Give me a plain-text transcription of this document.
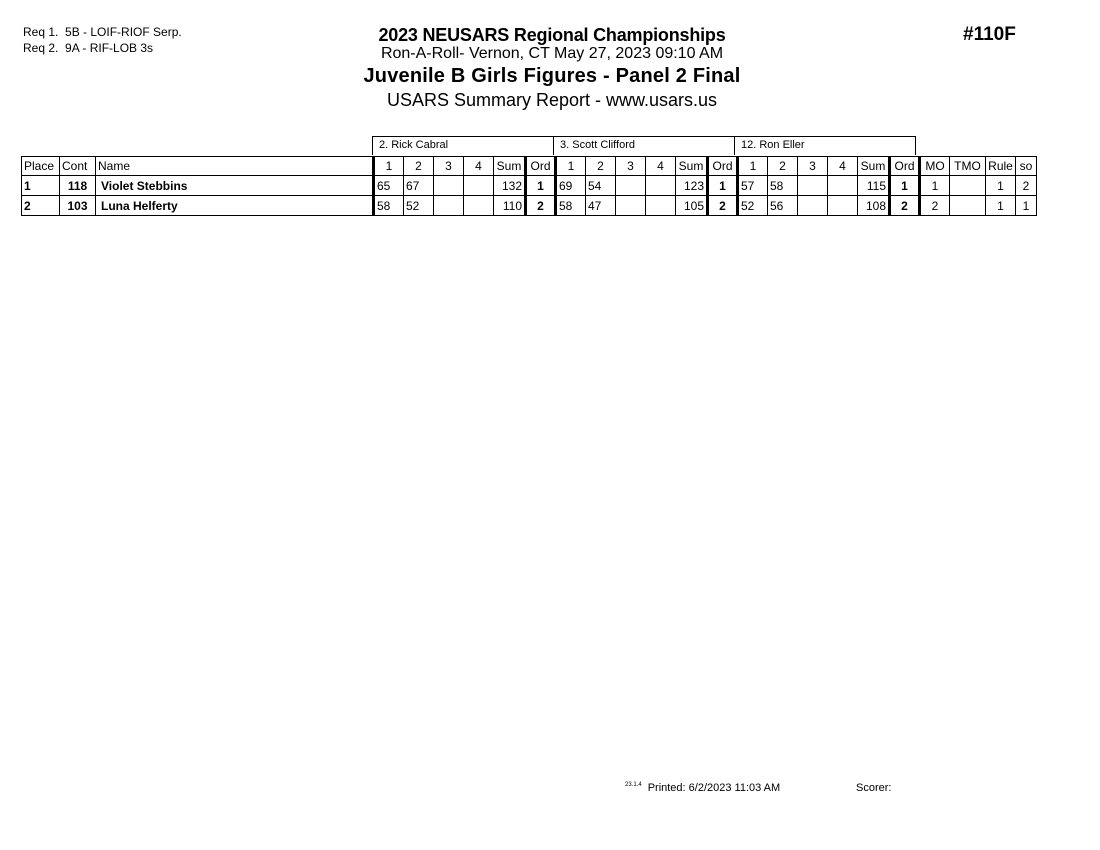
Req 1. 5B - LOIF-RIOF Serp.
Req 2. 9A - RIF-LOB 3s
2023 NEUSARS Regional Championships
Ron-A-Roll- Vernon, CT May 27, 2023 09:10 AM
Juvenile B Girls Figures - Panel 2 Final
USARS Summary Report - www.usars.us
#110F
2. Rick Cabral	3. Scott Clifford	12. Ron Eller
Place	Cont	Name	1	2	3	4	Sum	Ord	1	2	3	4	Sum	Ord	1	2	3	4	Sum	Ord	MO	TMO	Rule	so
1	118	Violet Stebbins	65	67			132	1	69	54			123	1	57	58			115	1	1		1	2
2	103	Luna Helferty	58	52			110	2	58	47			105	2	52	56			108	2	2		1	1
$^{23.1.4}$ Printed: 6/2/2023 11:03 AM	Scorer:
